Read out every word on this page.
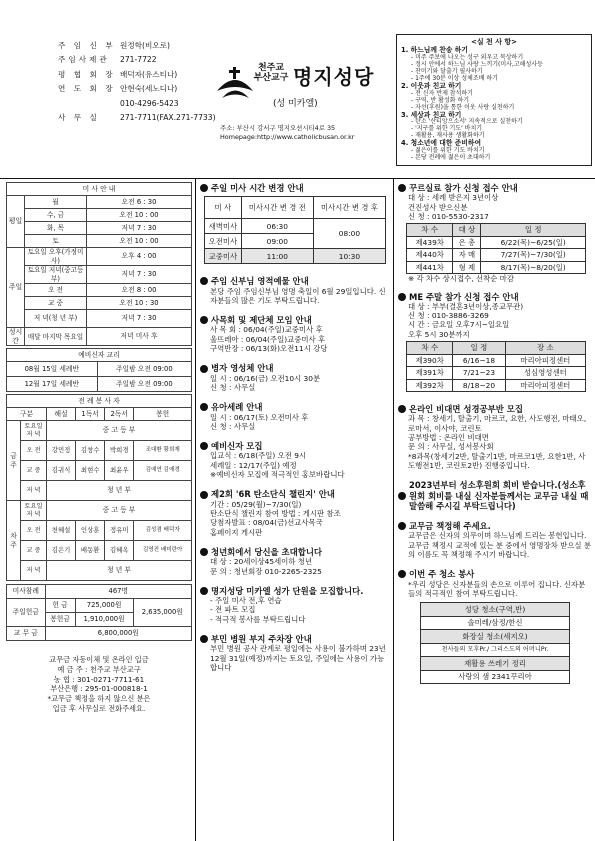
주 임 신 부 원정학(비오로)
주임사제관	271-7722
평 협 회 장 배덕자(유스티나)
연 도 회 장 안현숙(세노디나)
010-4296-5423
사 무 실	271-7711(FAX.271-7733)
천주교 부산교구 명지성당
(성 미카엘)
주소: 부산시 강서구 명지오션시티4로 35
Homepage:http://www.catholicbusan.or.kr
<실 천 사 항>
1. 하느님께 찬송 하기
- 미주 주보에 나오는 성구 외우고 묵상하기
- 정시 안에서 하느님 사랑 느끼기(미사,고해성사등
- 찬미기와 달출기 필사하기
- 1주에 30분 이상 성체조배 하기
2. 이웃과 친교 하기
- 전 신자 반제 참석하기
- 구역, 반 활성화 하기
- 자선(후원)을 통한 이웃 사랑 실천하기
3. 세상과 친교 하기
- 탄소 '산티앙으소서' 지속적으로 실천하기
- '지구를 위한 기도' 바치기
- 재활용, 재사용 생활화하기
4. 청소년에 대한 준비하여
- 젊은이를 위한 기도 바치기
- 본당 전례에 젊은이 초대하기
미 사 안 내		
평일	월	오전 6 : 30
	수, 금	오전 10 : 00
	화, 목	저녁 7 : 30
	토	오전 10 : 00
주일	토요일 오후(가정미사)	오후 4 : 00
	토요일 저녁(중고등부)	저녁 7 : 30
	오 전	오전 8 : 00
	교 중	오전 10 : 30
	저 녁(청 년 부)	저녁 7 : 30
성시간	매달 마지막 목요일	저녁 미사 후
예비신자 교리	
08월 15일 세례반	주일밤 오전 09:00
12월 17일 세례반	주일밤 오전 09:00
전 례 봉 사 자					
구분		해설	1독서	2독서	봉헌
금주	토요일 저 녁	중 고 등 부			
	오 전	강민정	김창수	박희경	조대환 황희재
	교 중	김귀식	최현수	최윤우	김예연 김예경
	저 녁	청 년 부			
차주	토요일 저 녁	중 고 등 부			
	오 전	천혜설	인상훈	정유미	김성겸 배덕자
	교 중	김은기	배동환	김혜옥	김영진 배미란아
	저 녁	청 년 부			
미사참례	467명		
주일헌금	헌 금	725,000원	2,635,000원
	봉헌금	1,910,000원	
교 무 금	6,800,000원		
교무금 자동이체 및 온라인 입금
예 금 주 : 천주교 부산교구
농 협 : 301-0271-7711-61
부산은행 : 295-01-000818-1
*교무금 책정을 하지 않으신 분은
입금 후 사무실로 전화주세요.
주일 미사 시간 변경 안내
미 사	미사시간 변 경 전	미사시간 변 경 후
새벽미사	06:30	08:00
오전미사	09:00	
교중미사	11:00	10:30
주임 신부님 영적예물 안내
본당 주임 주임신부님 영명 축일이 6월 29일입니다. 신자분들의 많은 기도 부탁드립니다.
사목회 및 제단체 모임 안내
사 목 회 : 06/04(주일)교중미사 후
울뜨레아 : 06/04(주일)교중미사 후
구역반장 : 06/13(화)오전11시 강당
병자 영성체 안내
일 시 : 06/16(금) 오전10시 30분
신 청 : 사무실
유아세례 안내
일 시 : 06/17(토) 오전미사 후
신 청 : 사무실
예비신자 모집
입교식 : 6/18(주일) 오전 9시
세례일 : 12/17(주일) 예정
※예비신자 모집에 적극적인 홍보바랍니다
제2회 '6R 탄소단식 챌린지' 안내
기간 : 05/29(월)~7/30(일)
탄소단식 챌린지 참여 방법 : 게시판 참조
당첨자발표 : 08/04(금)선교사목국
홈페이지 게시판
청년회에서 당신을 초대합니다
대 상 : 20세이상45세이하 청년
문 의 : 청년회장 010-2265-2325
명지성당 미카엘 성가 단원을 모집합니다.
- 주일 미사 전,후 연습
- 전 파트 모집
- 적극적 봉사를 부탁드립니다
부민 병원 부지 주차장 안내
부민 병원 공사 관계로 평일에는 사용이 불가하며 23년 12월 31일(예정)까지는 토요일, 주일에는 사용이 가능합니다
꾸르실료 참가 신청 접수 안내
대 상 : 세례 받은지 3년이상
건진성사 받으신분
신 청 : 010-5530-2317
차 수	대 상	일 정
제439차	은 총	6/22(목)~6/25(일)
제440차	자 매	7/27(목)~7/30(일)
제441차	형 제	8/17(목)~8/20(일)
※ 각 차수 상시접수, 선착순 마감
ME 주말 참가 신청 접수 안내
대 상 : 부부(결혼3년이상,종교무관)
신 청 : 010-3886-3269
시 간 : 금요일 오후7시~일요일
오후 5시 30분까지
차 수	일 정	장 소
제390차	6/16~18	마리아피정센터
제391차	7/21~23	성심영성센터
제392차	8/18~20	마리아피정센터
온라인 비대면 성경공부반 모집
과 목 : 창세기, 탈출기, 마르코, 요한, 사도행전, 마태오,로마서, 이사야, 코린토
공부방법 : 온라인 비대면
문 의 : 사무실, 성서봉사회
*8과목(창세기2반, 탈출기1반, 마르코1반, 요한1반, 사도행전1반, 코린토2반) 진행중입니다.
2023년부터 성소후원회 회비 받습니다.(성소후원회 회비를 내실 신자분들께서는 교무금 내실 때 말씀해 주시길 부탁드립니다)
교무금 책정해 주세요.
교무금은 신자의 의무이며 하느님께 드리는 봉헌입니다. 교무금 책정시 교적에 있는 분 중에서 영명장차 받으실 분의 이름도 꼭 책정해 주시기 바랍니다.
이번 주 청소 봉사
*우리 성당은 신자분들의 손으로 이루어 집니다. 신자분들의 적극적인 참여 부탁드립니다.
성당 청소(구역,반)
솔미레/삼정/한신
화장실 청소(세지오)
천사들의 모후Pr./ 그리스도의 어머니Pr.
재활용 쓰레기 정리
사랑의 샘 2341꾸리아
